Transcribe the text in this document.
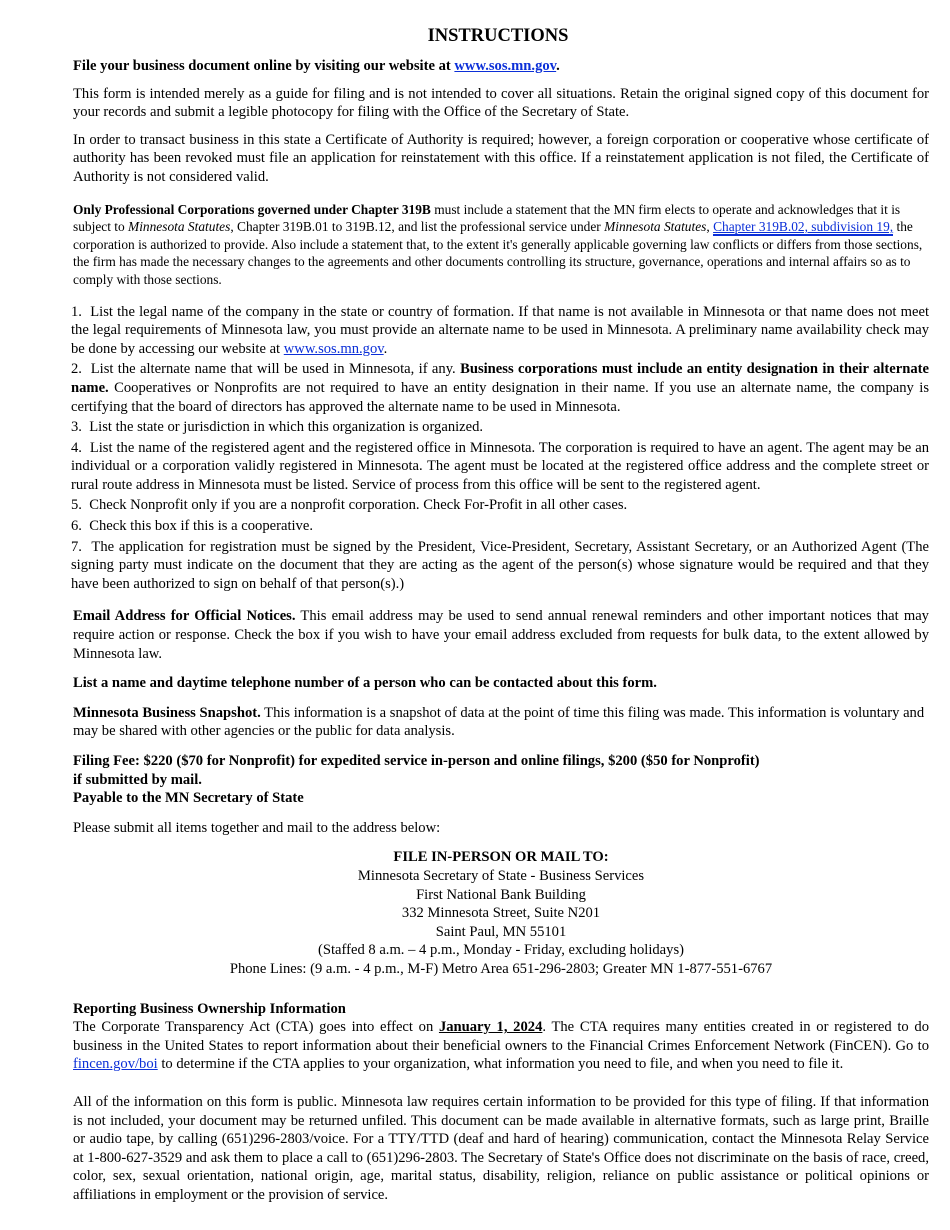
INSTRUCTIONS

File your business document online by visiting our website at www.sos.mn.gov.

This form is intended merely as a guide for filing and is not intended to cover all situations. Retain the original signed copy of this document for your records and submit a legible photocopy for filing with the Office of the Secretary of State.

In order to transact business in this state a Certificate of Authority is required; however, a foreign corporation or cooperative whose certificate of authority has been revoked must file an application for reinstatement with this office. If a reinstatement application is not filed, the Certificate of Authority is not considered valid.

Only Professional Corporations governed under Chapter 319B must include a statement that the MN firm elects to operate and acknowledges that it is subject to Minnesota Statutes, Chapter 319B.01 to 319B.12, and list the professional service under Minnesota Statutes, Chapter 319B.02, subdivision 19, the corporation is authorized to provide. Also include a statement that, to the extent it's generally applicable governing law conflicts or differs from those sections, the firm has made the necessary changes to the agreements and other documents controlling its structure, governance, operations and internal affairs so as to comply with those sections.

1. List the legal name of the company in the state or country of formation. If that name is not available in Minnesota or that name does not meet the legal requirements of Minnesota law, you must provide an alternate name to be used in Minnesota. A preliminary name availability check may be done by accessing our website at www.sos.mn.gov.

2. List the alternate name that will be used in Minnesota, if any. Business corporations must include an entity designation in their alternate name. Cooperatives or Nonprofits are not required to have an entity designation in their name. If you use an alternate name, the company is certifying that the board of directors has approved the alternate name to be used in Minnesota.

3. List the state or jurisdiction in which this organization is organized.

4. List the name of the registered agent and the registered office in Minnesota. The corporation is required to have an agent. The agent may be an individual or a corporation validly registered in Minnesota. The agent must be located at the registered office address and the complete street or rural route address in Minnesota must be listed. Service of process from this office will be sent to the registered agent.

5. Check Nonprofit only if you are a nonprofit corporation. Check For-Profit in all other cases.

6. Check this box if this is a cooperative.

7. The application for registration must be signed by the President, Vice-President, Secretary, Assistant Secretary, or an Authorized Agent (The signing party must indicate on the document that they are acting as the agent of the person(s) whose signature would be required and that they have been authorized to sign on behalf of that person(s).)

Email Address for Official Notices. This email address may be used to send annual renewal reminders and other important notices that may require action or response. Check the box if you wish to have your email address excluded from requests for bulk data, to the extent allowed by Minnesota law.

List a name and daytime telephone number of a person who can be contacted about this form.

Minnesota Business Snapshot. This information is a snapshot of data at the point of time this filing was made. This information is voluntary and may be shared with other agencies or the public for data analysis.

Filing Fee: $220 ($70 for Nonprofit) for expedited service in-person and online filings, $200 ($50 for Nonprofit)

if submitted by mail.

Payable to the MN Secretary of State

Please submit all items together and mail to the address below:

FILE IN-PERSON OR MAIL TO:

Minnesota Secretary of State - Business Services

First National Bank Building

332 Minnesota Street, Suite N201

Saint Paul, MN 55101

(Staffed 8 a.m. – 4 p.m., Monday - Friday, excluding holidays)

Phone Lines: (9 a.m. - 4 p.m., M-F) Metro Area 651-296-2803; Greater MN 1-877-551-6767

Reporting Business Ownership Information

The Corporate Transparency Act (CTA) goes into effect on January 1, 2024. The CTA requires many entities created in or registered to do business in the United States to report information about their beneficial owners to the Financial Crimes Enforcement Network (FinCEN). Go to fincen.gov/boi to determine if the CTA applies to your organization, what information you need to file, and when you need to file it.

All of the information on this form is public. Minnesota law requires certain information to be provided for this type of filing. If that information is not included, your document may be returned unfiled. This document can be made available in alternative formats, such as large print, Braille or audio tape, by calling (651)296-2803/voice. For a TTY/TTD (deaf and hard of hearing) communication, contact the Minnesota Relay Service at 1-800-627-3529 and ask them to place a call to (651)296-2803. The Secretary of State's Office does not discriminate on the basis of race, creed, color, sex, sexual orientation, national origin, age, marital status, disability, religion, reliance on public assistance or political opinions or affiliations in employment or the provision of service.
